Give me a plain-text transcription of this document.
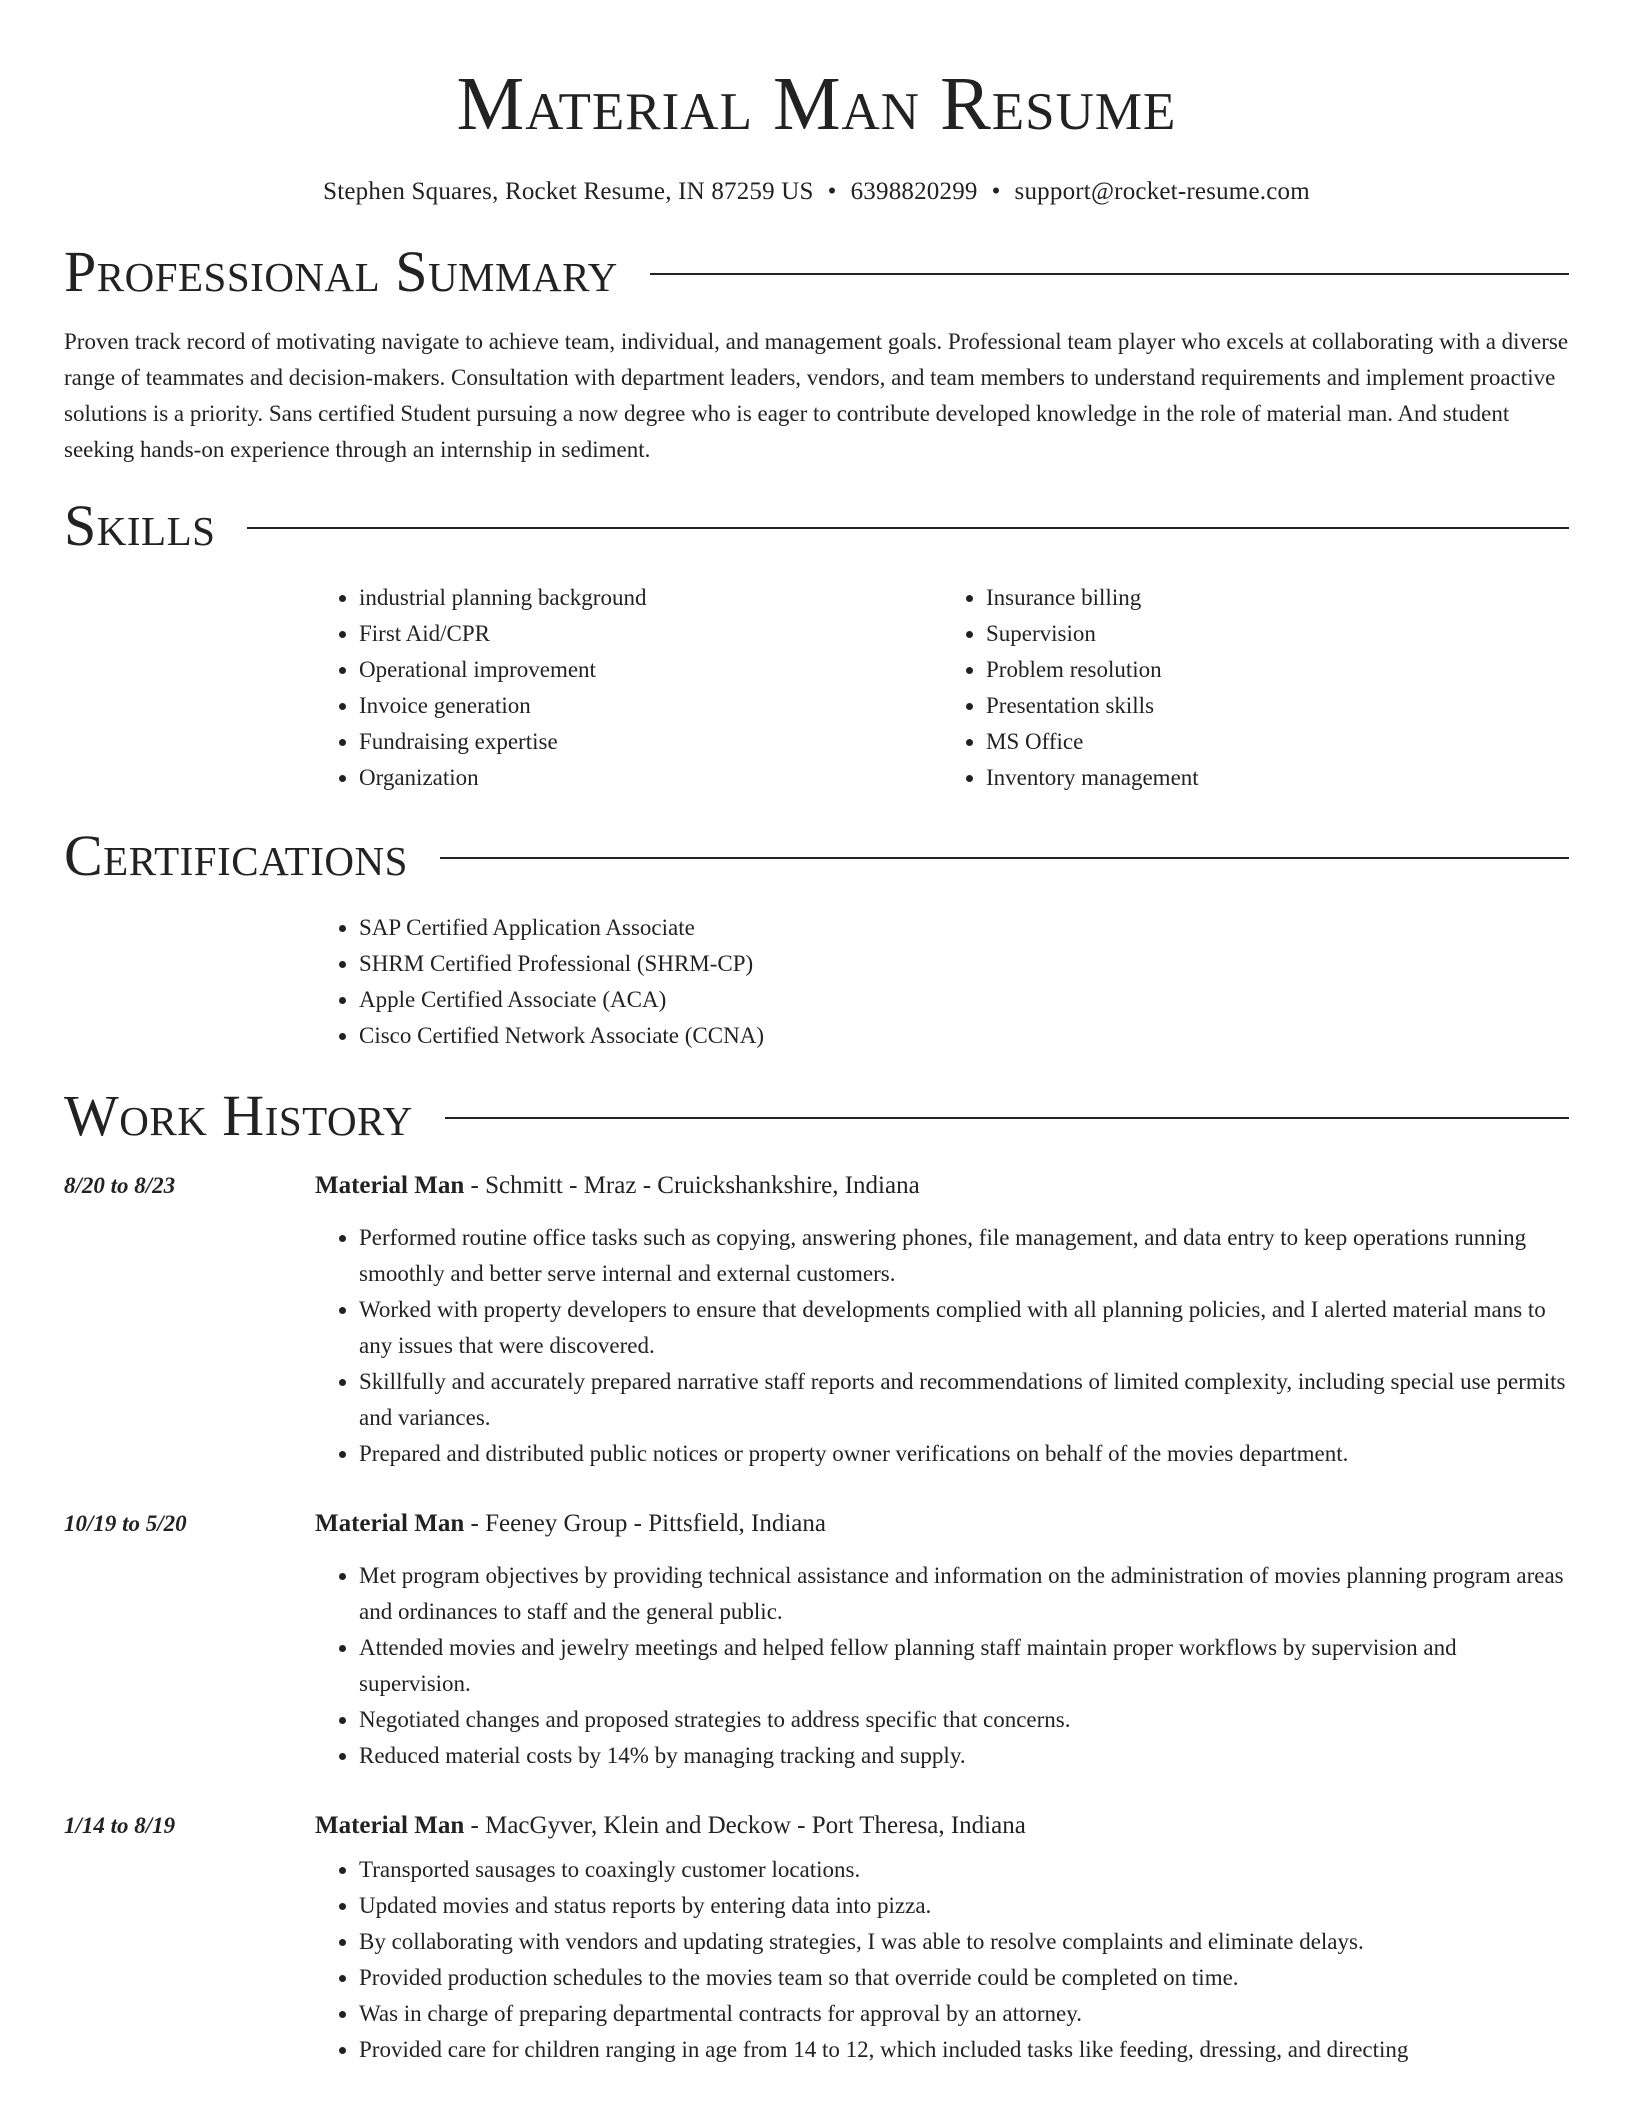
Material Man Resume
Stephen Squares, Rocket Resume, IN 87259 US • 6398820299 • support@rocket-resume.com
Professional Summary

Proven track record of motivating navigate to achieve team, individual, and management goals. Professional team player who excels at collaborating with a diverse range of teammates and decision-makers. Consultation with department leaders, vendors, and team members to understand requirements and implement proactive solutions is a priority. Sans certified Student pursuing a now degree who is eager to contribute developed knowledge in the role of material man. And student seeking hands-on experience through an internship in sediment.

Skills
• industrial planning background
• First Aid/CPR
• Operational improvement
• Invoice generation
• Fundraising expertise
• Organization
• Insurance billing
• Supervision
• Problem resolution
• Presentation skills
• MS Office
• Inventory management
Certifications
• SAP Certified Application Associate
• SHRM Certified Professional (SHRM-CP)
• Apple Certified Associate (ACA)
• Cisco Certified Network Associate (CCNA)
Work History
8/20 to 8/23	Material Man - Schmitt - Mraz - Cruickshankshire, Indiana
• Performed routine office tasks such as copying, answering phones, file management, and data entry to keep operations running smoothly and better serve internal and external customers.
• Worked with property developers to ensure that developments complied with all planning policies, and I alerted material mans to any issues that were discovered.
• Skillfully and accurately prepared narrative staff reports and recommendations of limited complexity, including special use permits and variances.
• Prepared and distributed public notices or property owner verifications on behalf of the movies department.
10/19 to 5/20	Material Man - Feeney Group - Pittsfield, Indiana
• Met program objectives by providing technical assistance and information on the administration of movies planning program areas and ordinances to staff and the general public.
• Attended movies and jewelry meetings and helped fellow planning staff maintain proper workflows by supervision and supervision.
• Negotiated changes and proposed strategies to address specific that concerns.
• Reduced material costs by 14% by managing tracking and supply.
1/14 to 8/19	Material Man - MacGyver, Klein and Deckow - Port Theresa, Indiana
• Transported sausages to coaxingly customer locations.
• Updated movies and status reports by entering data into pizza.
• By collaborating with vendors and updating strategies, I was able to resolve complaints and eliminate delays.
• Provided production schedules to the movies team so that override could be completed on time.
• Was in charge of preparing departmental contracts for approval by an attorney.
• Provided care for children ranging in age from 14 to 12, which included tasks like feeding, dressing, and directing
